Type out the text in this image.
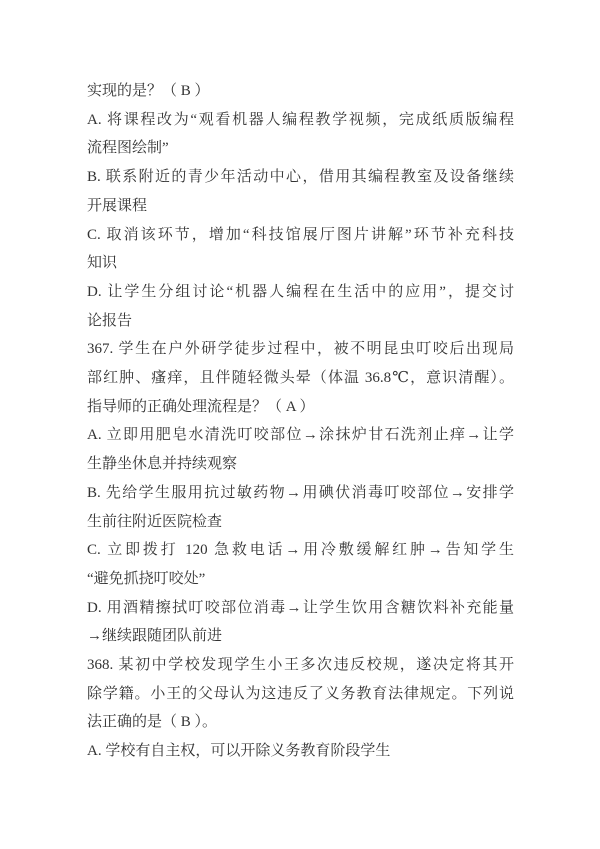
实现的是？（ B ）
A. 将课程改为“观看机器人编程教学视频，完成纸质版编程
流程图绘制”
B. 联系附近的青少年活动中心，借用其编程教室及设备继续
开展课程
C. 取消该环节，增加“科技馆展厅图片讲解”环节补充科技
知识
D. 让学生分组讨论“机器人编程在生活中的应用”，提交讨
论报告
367. 学生在户外研学徒步过程中，被不明昆虫叮咬后出现局
部红肿、瘙痒，且伴随轻微头晕（体温 36.8℃，意识清醒）。
指导师的正确处理流程是？（ A ）
A. 立即用肥皂水清洗叮咬部位→涂抹炉甘石洗剂止痒→让学
生静坐休息并持续观察
B. 先给学生服用抗过敏药物→用碘伏消毒叮咬部位→安排学
生前往附近医院检查
C. 立即拨打 120 急救电话→用冷敷缓解红肿→告知学生
“避免抓挠叮咬处”
D. 用酒精擦拭叮咬部位消毒→让学生饮用含糖饮料补充能量
→继续跟随团队前进
368. 某初中学校发现学生小王多次违反校规，遂决定将其开
除学籍。小王的父母认为这违反了义务教育法律规定。下列说
法正确的是（ B ）。
A. 学校有自主权，可以开除义务教育阶段学生
